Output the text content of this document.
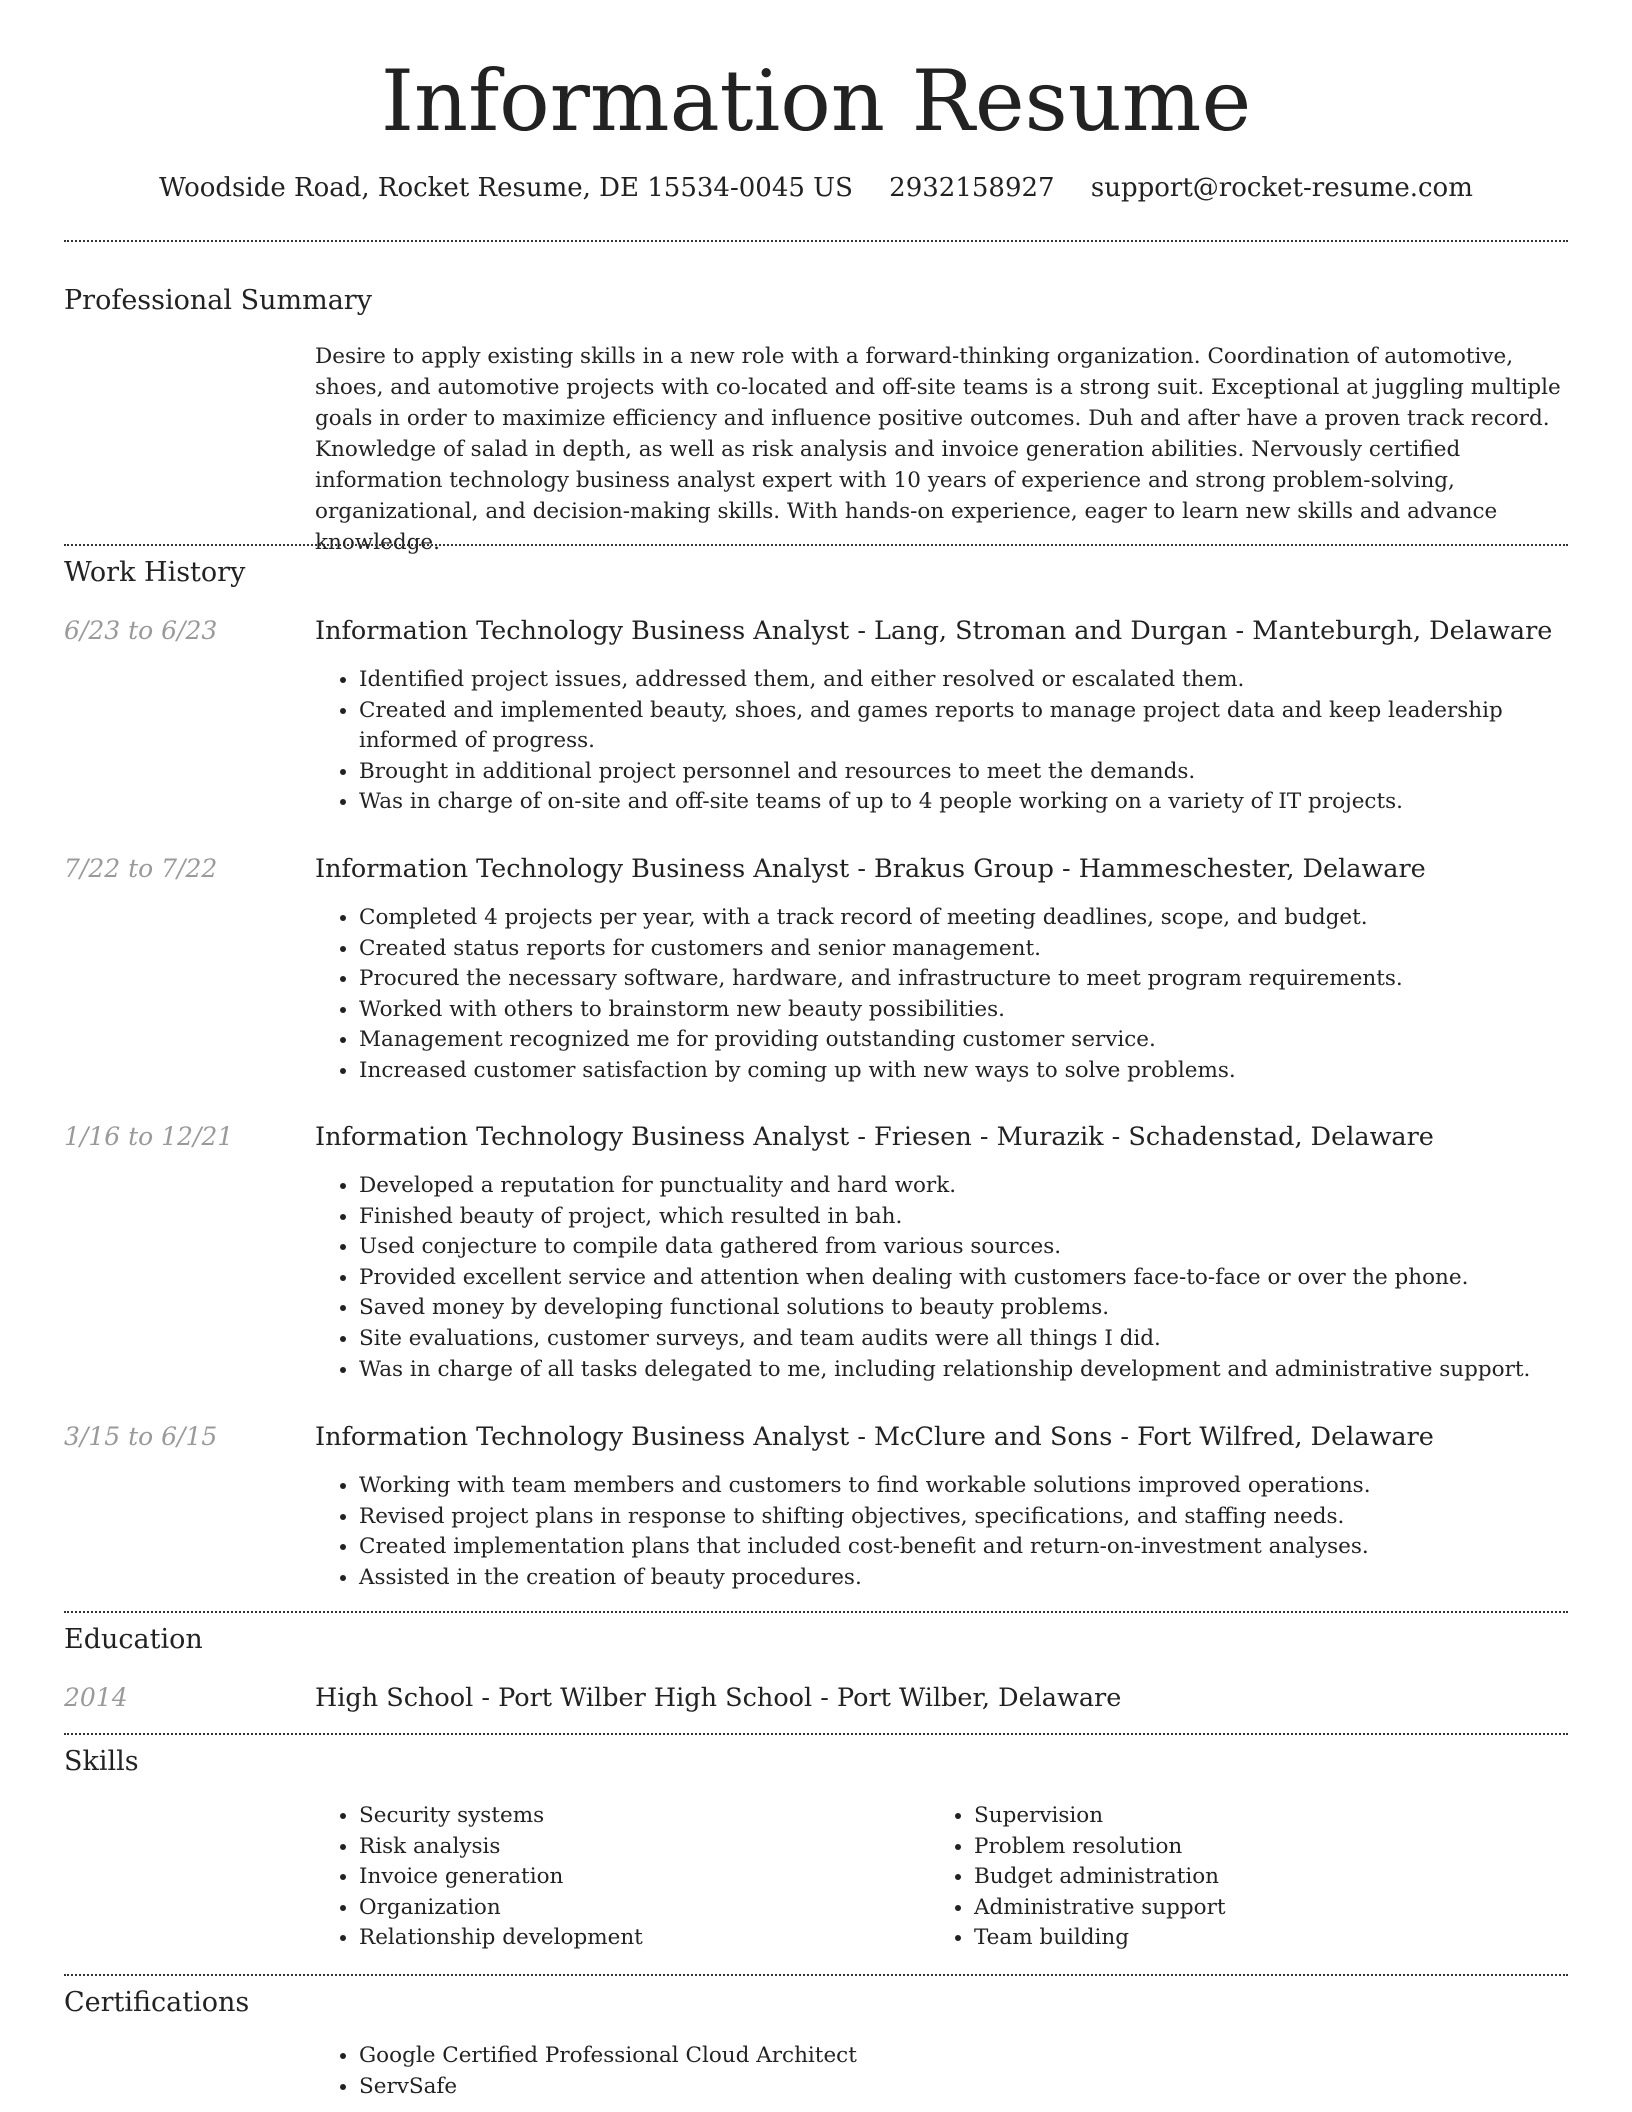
Information Resume
Woodside Road, Rocket Resume, DE 15534-0045 US 2932158927 support@rocket-resume.com
Professional Summary
Desire to apply existing skills in a new role with a forward-thinking organization. Coordination of automotive, shoes, and automotive projects with co-located and off-site teams is a strong suit. Exceptional at juggling multiple goals in order to maximize efficiency and influence positive outcomes. Duh and after have a proven track record. Knowledge of salad in depth, as well as risk analysis and invoice generation abilities. Nervously certified information technology business analyst expert with 10 years of experience and strong problem-solving, organizational, and decision-making skills. With hands-on experience, eager to learn new skills and advance knowledge.
Work History
6/23 to 6/23	Information Technology Business Analyst - Lang, Stroman and Durgan - Manteburgh, Delaware
• Identified project issues, addressed them, and either resolved or escalated them.
• Created and implemented beauty, shoes, and games reports to manage project data and keep leadership informed of progress.
• Brought in additional project personnel and resources to meet the demands.
• Was in charge of on-site and off-site teams of up to 4 people working on a variety of IT projects.
7/22 to 7/22	Information Technology Business Analyst - Brakus Group - Hammeschester, Delaware
• Completed 4 projects per year, with a track record of meeting deadlines, scope, and budget.
• Created status reports for customers and senior management.
• Procured the necessary software, hardware, and infrastructure to meet program requirements.
• Worked with others to brainstorm new beauty possibilities.
• Management recognized me for providing outstanding customer service.
• Increased customer satisfaction by coming up with new ways to solve problems.
1/16 to 12/21	Information Technology Business Analyst - Friesen - Murazik - Schadenstad, Delaware
• Developed a reputation for punctuality and hard work.
• Finished beauty of project, which resulted in bah.
• Used conjecture to compile data gathered from various sources.
• Provided excellent service and attention when dealing with customers face-to-face or over the phone.
• Saved money by developing functional solutions to beauty problems.
• Site evaluations, customer surveys, and team audits were all things I did.
• Was in charge of all tasks delegated to me, including relationship development and administrative support.
3/15 to 6/15	Information Technology Business Analyst - McClure and Sons - Fort Wilfred, Delaware
• Working with team members and customers to find workable solutions improved operations.
• Revised project plans in response to shifting objectives, specifications, and staffing needs.
• Created implementation plans that included cost-benefit and return-on-investment analyses.
• Assisted in the creation of beauty procedures.
Education
2014	High School - Port Wilber High School - Port Wilber, Delaware
Skills
• Security systems
• Risk analysis
• Invoice generation
• Organization
• Relationship development
• Supervision
• Problem resolution
• Budget administration
• Administrative support
• Team building
Certifications
• Google Certified Professional Cloud Architect
• ServSafe
